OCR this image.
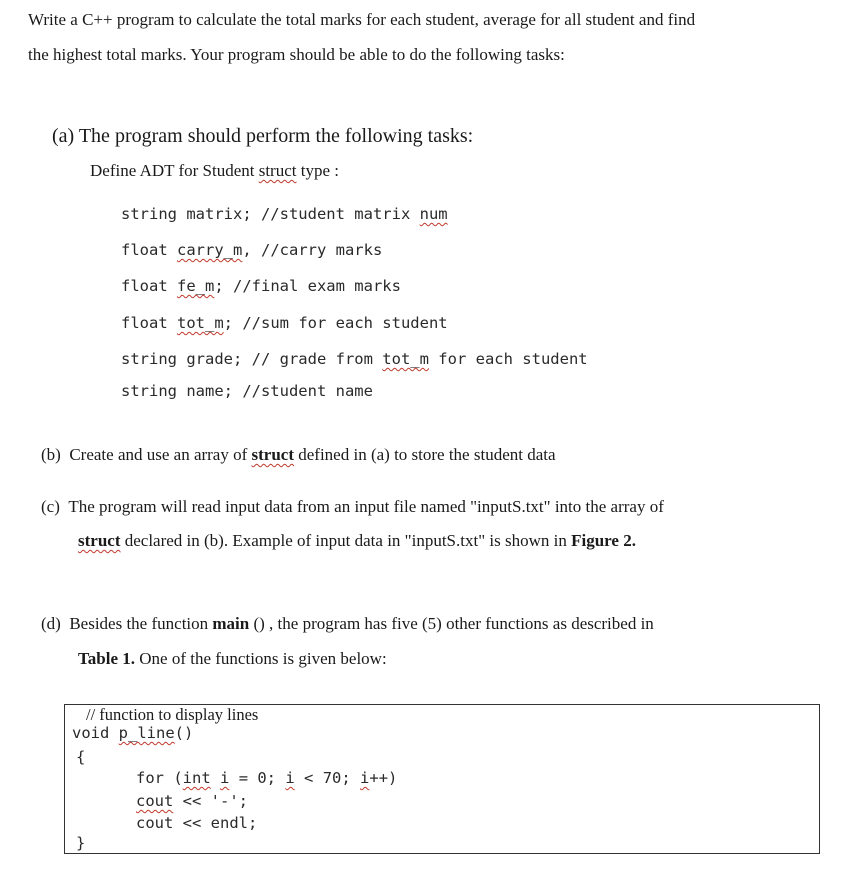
Write a C++ program to calculate the total marks for each student, average for all student and find
the highest total marks. Your program should be able to do the following tasks:
(a) The program should perform the following tasks:
Define ADT for Student struct type :
string matrix; //student matrix num
float carry_m, //carry marks
float fe_m; //final exam marks
float tot_m; //sum for each student
string grade; // grade from tot_m for each student
string name; //student name
(b) Create and use an array of struct defined in (a) to store the student data
(c) The program will read input data from an input file named "inputS.txt" into the array of
struct declared in (b). Example of input data in "inputS.txt" is shown in Figure 2.
(d) Besides the function main () , the program has five (5) other functions as described in
Table 1. One of the functions is given below:
// function to display lines
void p_line()
{
for (int i = 0; i < 70; i++)
cout << '-';
cout << endl;
}
